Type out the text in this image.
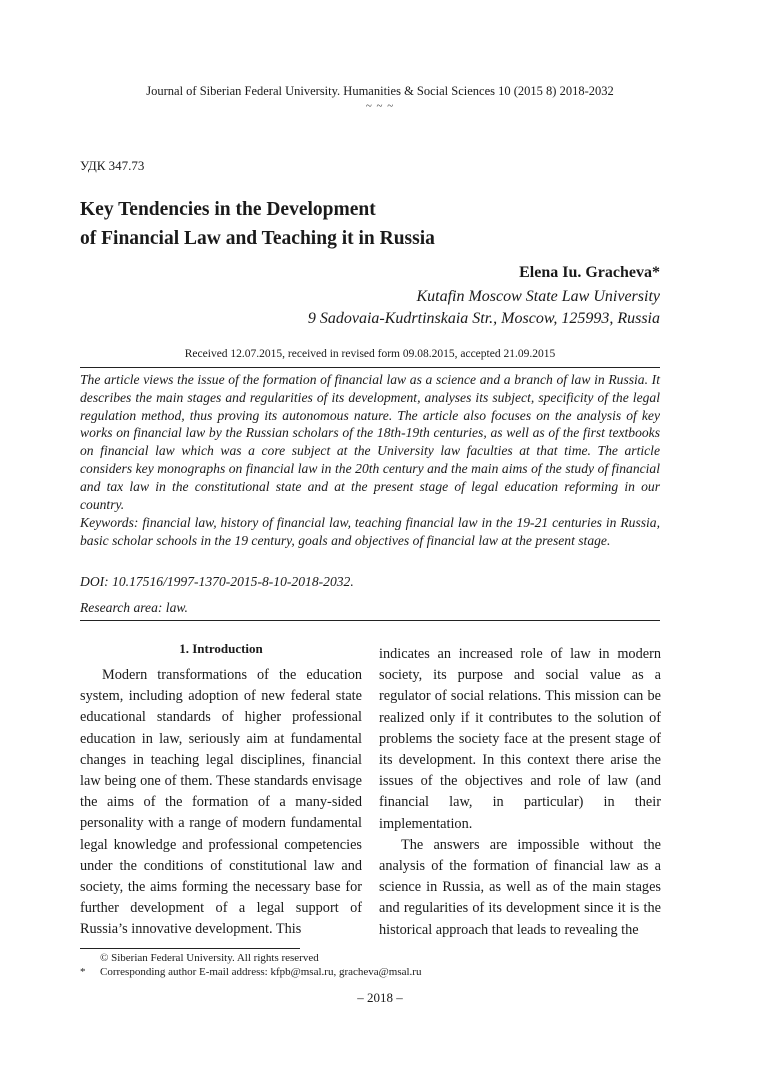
Journal of Siberian Federal University. Humanities & Social Sciences 10 (2015 8) 2018-2032
~ ~ ~
УДК 347.73
Key Tendencies in the Development
of Financial Law and Teaching it in Russia
Elena Iu. Gracheva*
Kutafin Moscow State Law University
9 Sadovaia-Kudrtinskaia Str., Moscow, 125993, Russia
Received 12.07.2015, received in revised form 09.08.2015, accepted 21.09.2015
The article views the issue of the formation of financial law as a science and a branch of law in Russia. It describes the main stages and regularities of its development, analyses its subject, specificity of the legal regulation method, thus proving its autonomous nature. The article also focuses on the analysis of key works on financial law by the Russian scholars of the 18th-19th centuries, as well as of the first textbooks on financial law which was a core subject at the University law faculties at that time. The article considers key monographs on financial law in the 20th century and the main aims of the study of financial and tax law in the constitutional state and at the present stage of legal education reforming in our country.
Keywords: financial law, history of financial law, teaching financial law in the 19-21 centuries in Russia, basic scholar schools in the 19 century, goals and objectives of financial law at the present stage.
DOI: 10.17516/1997-1370-2015-8-10-2018-2032.
Research area: law.
1. Introduction

Modern transformations of the education system, including adoption of new federal state educational standards of higher professional education in law, seriously aim at fundamental changes in teaching legal disciplines, financial law being one of them. These standards envisage the aims of the formation of a many-sided personality with a range of modern fundamental legal knowledge and professional competencies under the conditions of constitutional law and society, the aims forming the necessary base for further development of a legal support of Russia’s innovative development. This

indicates an increased role of law in modern society, its purpose and social value as a regulator of social relations. This mission can be realized only if it contributes to the solution of problems the society face at the present stage of its development. In this context there arise the issues of the objectives and role of law (and financial law, in particular) in their implementation.

The answers are impossible without the analysis of the formation of financial law as a science in Russia, as well as of the main stages and regularities of its development since it is the historical approach that leads to revealing the

© Siberian Federal University. All rights reserved
* Corresponding author E-mail address: kfpb@msal.ru, gracheva@msal.ru
– 2018 –
